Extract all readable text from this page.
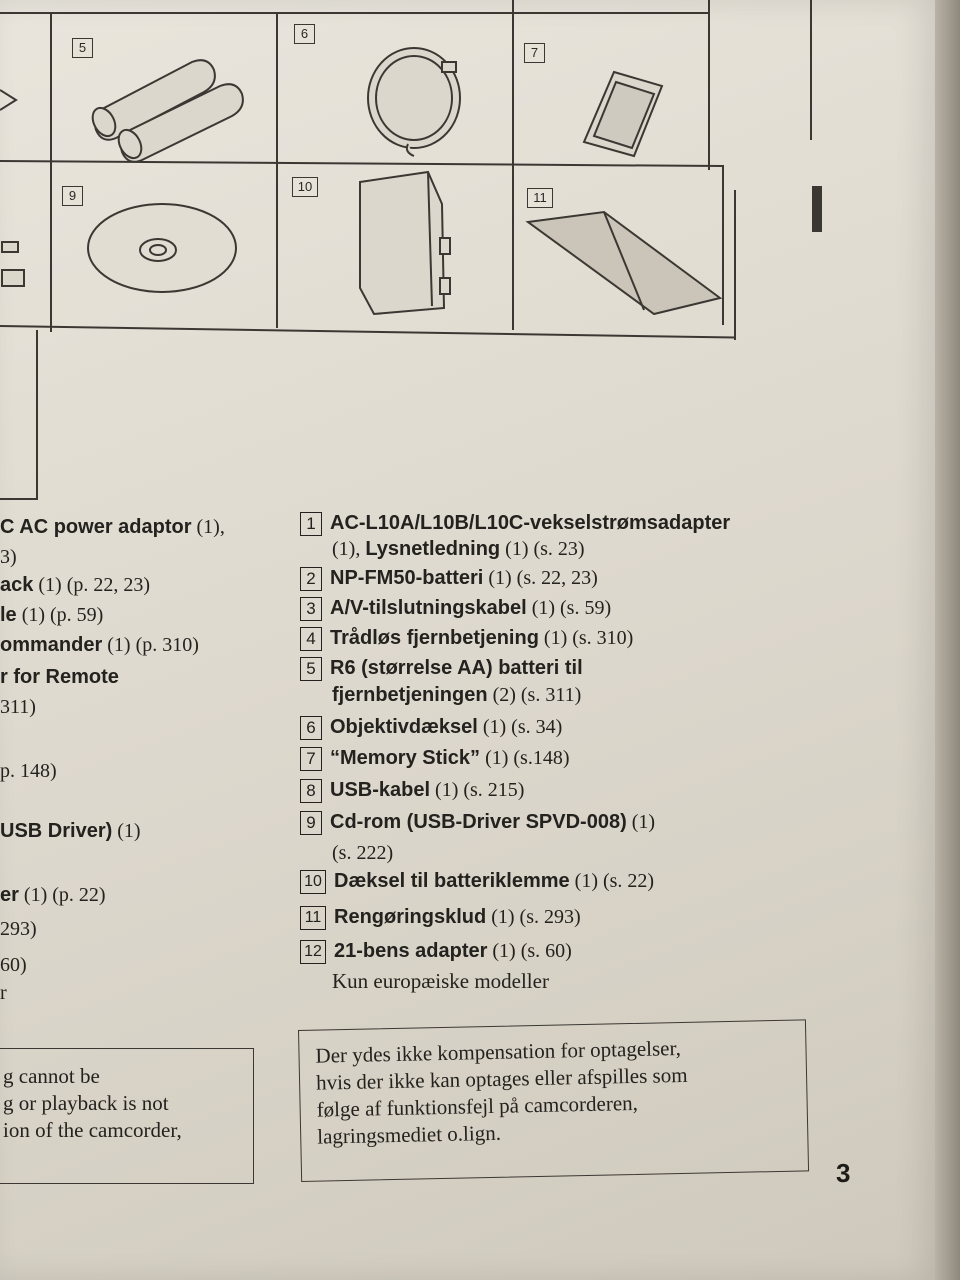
5
6
7
9
10
11
C AC power adaptor (1),
3)
ack (1) (p. 22, 23)
le (1) (p. 59)
ommander (1) (p. 310)
r for Remote
311)
p. 148)
USB Driver) (1)
er (1) (p. 22)
293)
60)
r
1 AC-L10A/L10B/L10C-vekselstrømsadapter
(1), Lysnetledning (1) (s. 23)
2 NP-FM50-batteri (1) (s. 22, 23)
3 A/V-tilslutningskabel (1) (s. 59)
4 Trådløs fjernbetjening (1) (s. 310)
5 R6 (størrelse AA) batteri til
fjernbetjeningen (2) (s. 311)
6 Objektivdæksel (1) (s. 34)
7 “Memory Stick” (1) (s.148)
8 USB-kabel (1) (s. 215)
9 Cd-rom (USB-Driver SPVD-008) (1)
(s. 222)
10 Dæksel til batteriklemme (1) (s. 22)
11 Rengøringsklud (1) (s. 293)
12 21-bens adapter (1) (s. 60)
Kun europæiske modeller
g cannot be
g or playback is not
ion of the camcorder,
Der ydes ikke kompensation for optagelser,
hvis der ikke kan optages eller afspilles som
følge af funktionsfejl på camcorderen,
lagringsmediet o.lign.
3
